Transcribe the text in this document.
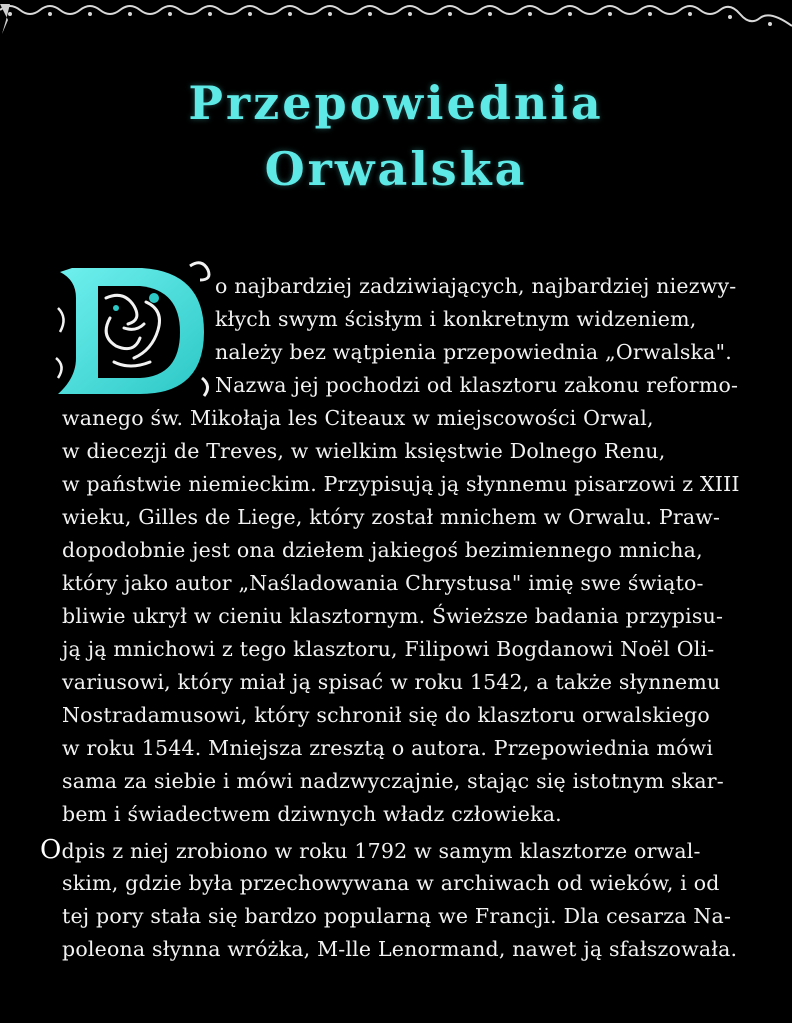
Przepowiednia
Orwalska
o najbardziej zadziwiających, najbardziej niezwy-
kłych swym ścisłym i konkretnym widzeniem,
należy bez wątpienia przepowiednia „Orwalska".
Nazwa jej pochodzi od klasztoru zakonu reformo-
wanego św. Mikołaja les Citeaux w miejscowości Orwal,
w diecezji de Treves, w wielkim księstwie Dolnego Renu,
w państwie niemieckim. Przypisują ją słynnemu pisarzowi z XIII
wieku, Gilles de Liege, który został mnichem w Orwalu. Praw-
dopodobnie jest ona dziełem jakiegoś bezimiennego mnicha,
który jako autor „Naśladowania Chrystusa" imię swe świąto-
bliwie ukrył w cieniu klasztornym. Świeższe badania przypisu-
ją ją mnichowi z tego klasztoru, Filipowi Bogdanowi Noël Oli-
variusowi, który miał ją spisać w roku 1542, a także słynnemu
Nostradamusowi, który schronił się do klasztoru orwalskiego
w roku 1544. Mniejsza zresztą o autora. Przepowiednia mówi
sama za siebie i mówi nadzwyczajnie, stając się istotnym skar-
bem i świadectwem dziwnych władz człowieka.
Odpis z niej zrobiono w roku 1792 w samym klasztorze orwal-
skim, gdzie była przechowywana w archiwach od wieków, i od
tej pory stała się bardzo popularną we Francji. Dla cesarza Na-
poleona słynna wróżka, M-lle Lenormand, nawet ją sfałszowała.
